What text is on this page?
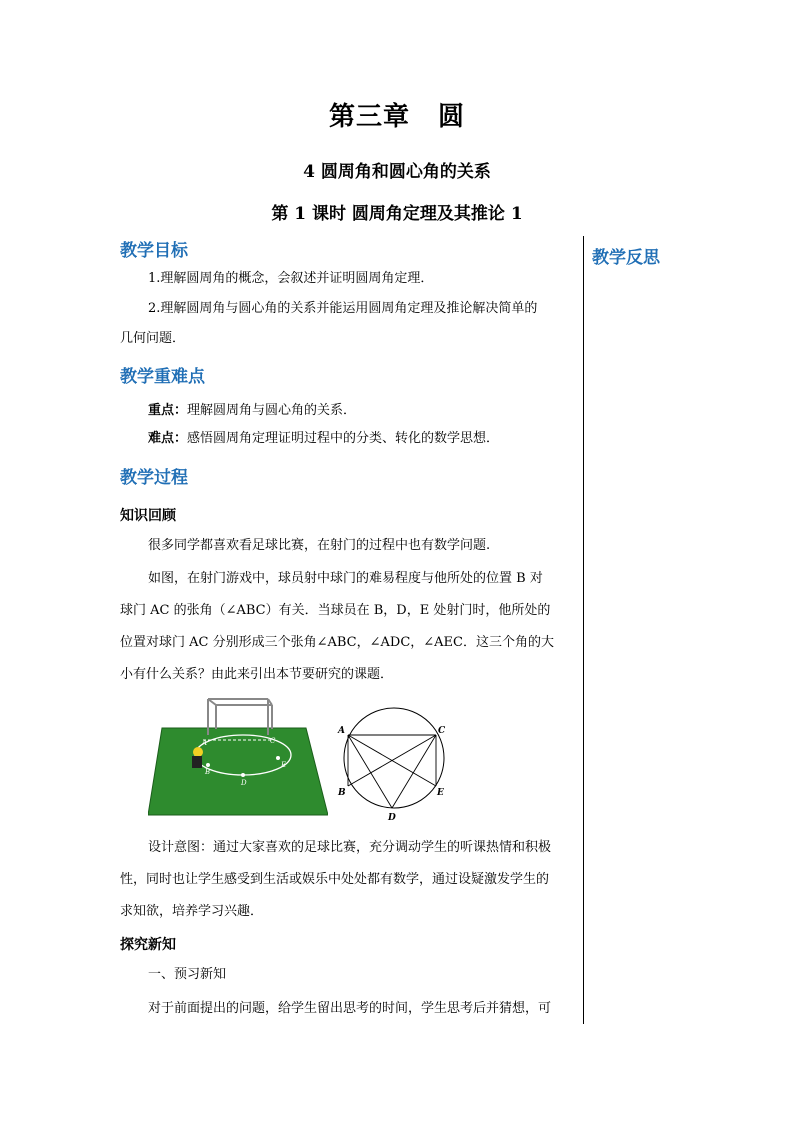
第三章 圆
4 圆周角和圆心角的关系
第 1 课时 圆周角定理及其推论 1
教学反思
教学目标
1.理解圆周角的概念，会叙述并证明圆周角定理．
2.理解圆周角与圆心角的关系并能运用圆周角定理及推论解决简单的
几何问题．
教学重难点
重点：理解圆周角与圆心角的关系．
难点：感悟圆周角定理证明过程中的分类、转化的数学思想．
教学过程
知识回顾
很多同学都喜欢看足球比赛，在射门的过程中也有数学问题.
如图，在射门游戏中，球员射中球门的难易程度与他所处的位置 B 对
球门 AC 的张角（∠ABC）有关．当球员在 B，D，E 处射门时，他所处的
位置对球门 AC 分别形成三个张角∠ABC，∠ADC，∠AEC．这三个角的大
小有什么关系？由此来引出本节要研究的课题．
A
B
C
D
E
A	C
B	E
D
设计意图：通过大家喜欢的足球比赛，充分调动学生的听课热情和积极
性，同时也让学生感受到生活或娱乐中处处都有数学，通过设疑激发学生的
求知欲，培养学习兴趣．
探究新知
一、预习新知
对于前面提出的问题，给学生留出思考的时间，学生思考后并猜想，可
